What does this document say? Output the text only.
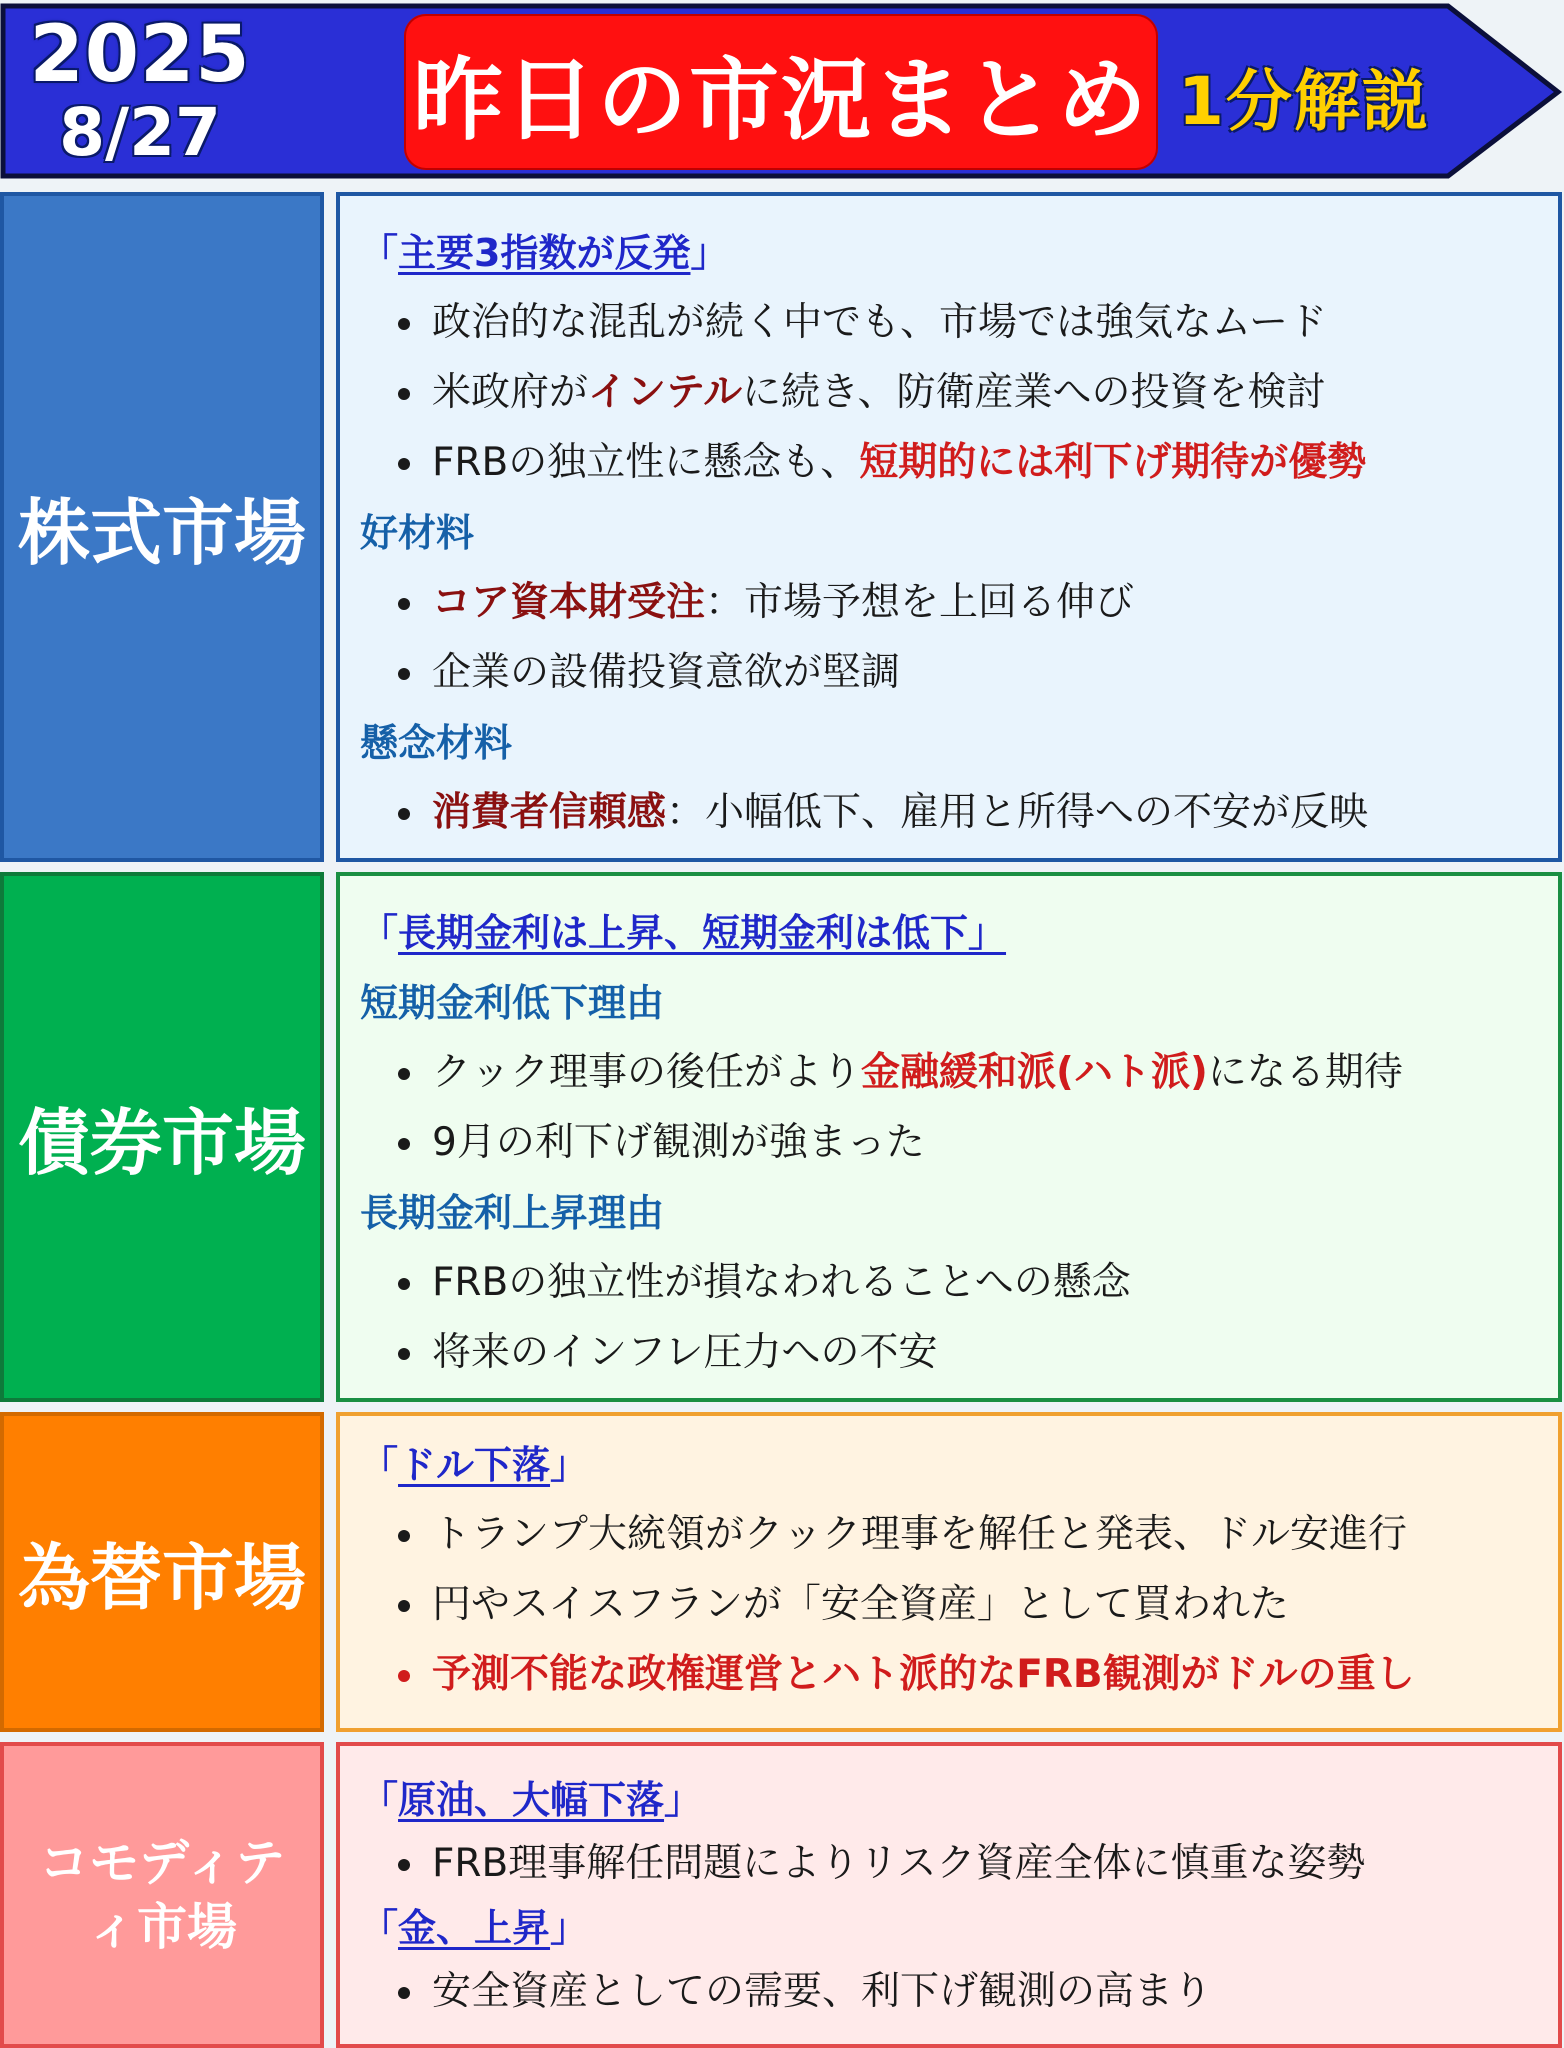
2025
8/27	昨日の市況まとめ 1分解説
株式市場
「主要3指数が反発」
政治的な混乱が続く中でも、市場では強気なムード
米政府がインテルに続き、防衛産業への投資を検討
FRBの独立性に懸念も、短期的には利下げ期待が優勢
好材料
コア資本財受注：市場予想を上回る伸び
企業の設備投資意欲が堅調
懸念材料
消費者信頼感：小幅低下、雇用と所得への不安が反映
債券市場
「長期金利は上昇、短期金利は低下」
短期金利低下理由
クック理事の後任がより金融緩和派(ハト派)になる期待
9月の利下げ観測が強まった
長期金利上昇理由
FRBの独立性が損なわれることへの懸念
将来のインフレ圧力への不安
為替市場
「ドル下落」
トランプ大統領がクック理事を解任と発表、ドル安進行
円やスイスフランが「安全資産」として買われた
予測不能な政権運営とハト派的なFRB観測がドルの重し
コモディテ
ィ市場
「原油、大幅下落」
FRB理事解任問題によりリスク資産全体に慎重な姿勢
「金、上昇」
安全資産としての需要、利下げ観測の高まり
